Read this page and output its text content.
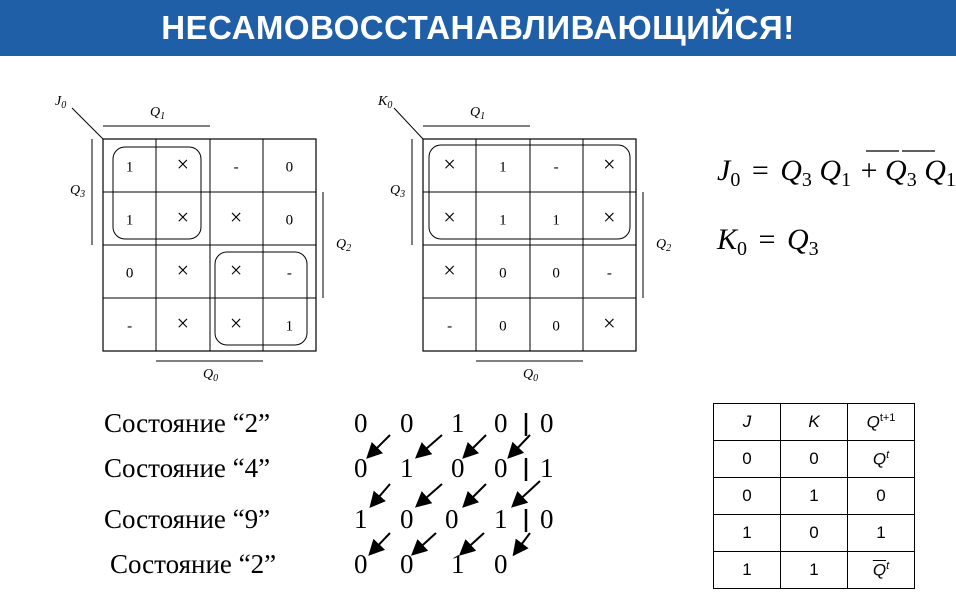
НЕСАМОВОССТАНАВЛИВАЮЩИЙСЯ!
$J_0$	$Q_1$
$Q_3$
$Q_2$
$Q_0$
1 ×	-	0
1 × ×	0
0 × ×	-
- × ×	1
$K_0$	$Q_1$
$Q_3$
$Q_2$
$Q_0$
×	1	- ×
×	1	1 ×
×	0	0	-
-	0	0 ×
$J_0 = Q_3$ $Q_1 + Q_3$ $Q_1$
$K_0 = Q_3$
Состояние “2”
Состояние “4”
Состояние “9”
Состояние “2”
0 0 1 0 0
0 1 0 0 1
1 0 0 1 0
0 0 1 0
J	K	$Q^{t+1}$
0	0	$Q^t$
0	1	0
1	0	1
1	1	$\overline{Q}^t$
